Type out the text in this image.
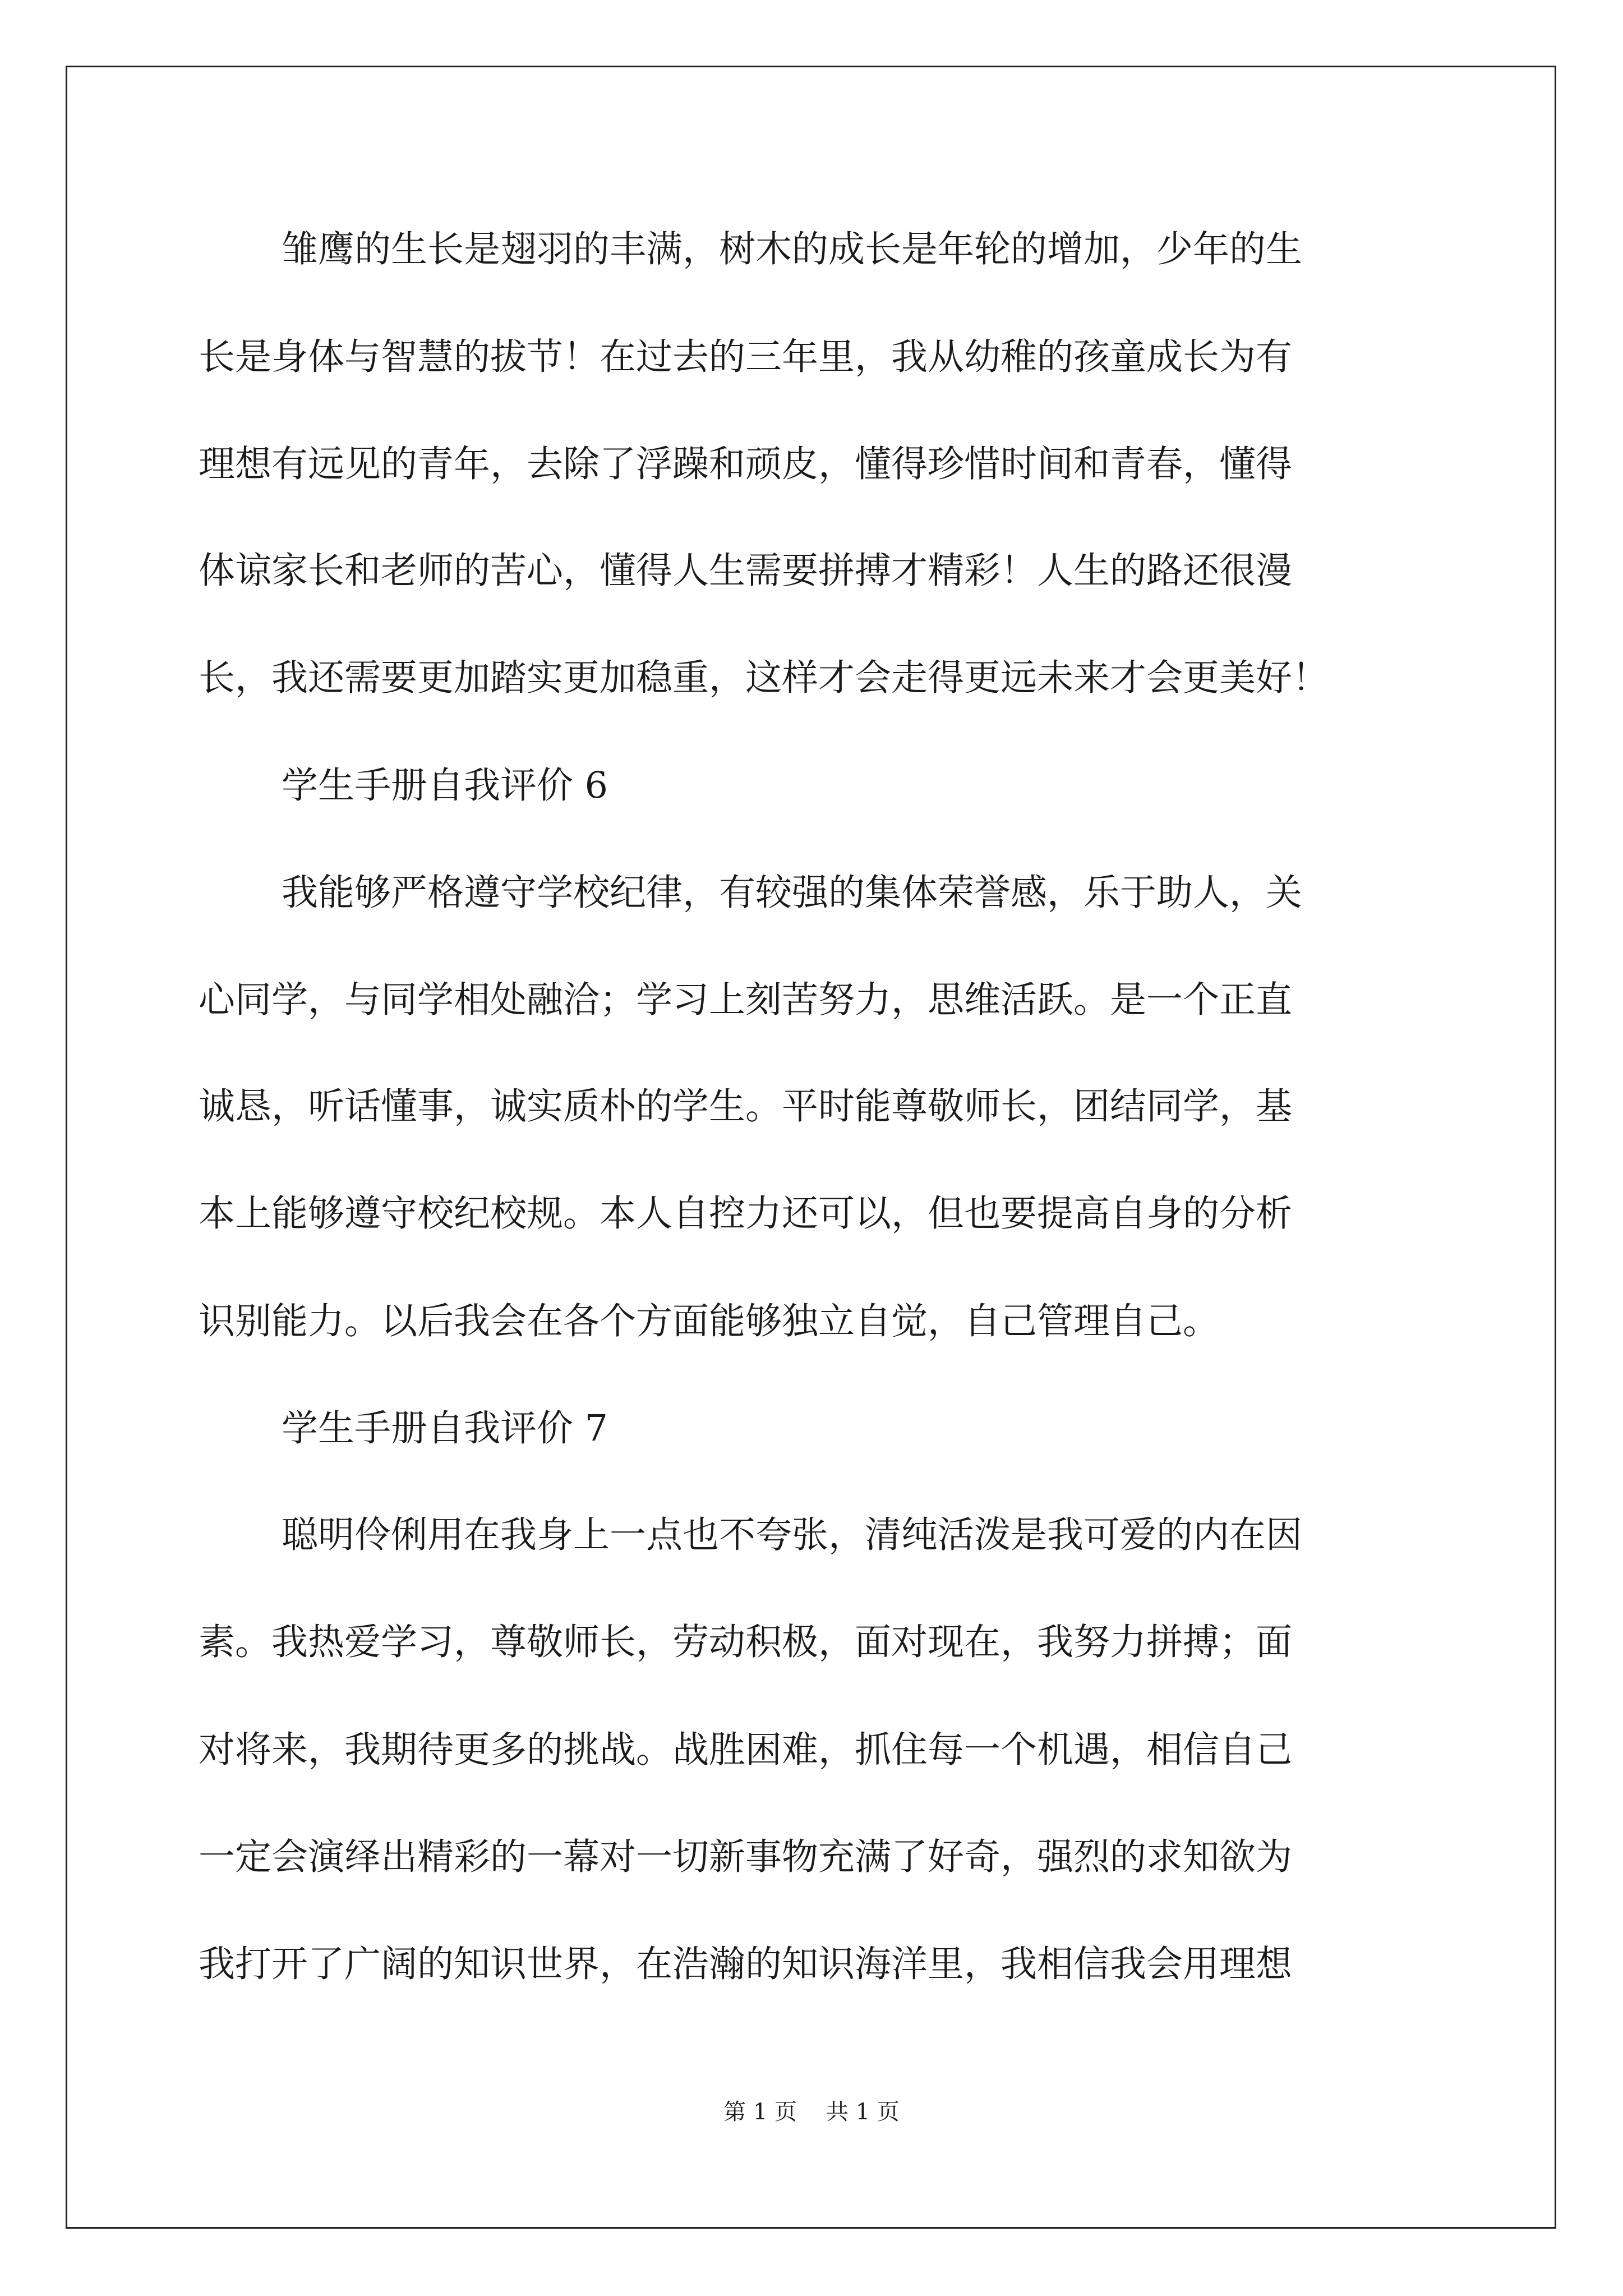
雏鹰的生长是翅羽的丰满，树木的成长是年轮的增加，少年的生
长是身体与智慧的拔节！在过去的三年里，我从幼稚的孩童成长为有
理想有远见的青年，去除了浮躁和顽皮，懂得珍惜时间和青春，懂得
体谅家长和老师的苦心，懂得人生需要拼搏才精彩！人生的路还很漫
长，我还需要更加踏实更加稳重，这样才会走得更远未来才会更美好！
学生手册自我评价 6
我能够严格遵守学校纪律，有较强的集体荣誉感，乐于助人，关
心同学，与同学相处融洽；学习上刻苦努力，思维活跃。是一个正直
诚恳，听话懂事，诚实质朴的学生。平时能尊敬师长，团结同学，基
本上能够遵守校纪校规。本人自控力还可以，但也要提高自身的分析
识别能力。以后我会在各个方面能够独立自觉，自己管理自己。
学生手册自我评价 7
聪明伶俐用在我身上一点也不夸张，清纯活泼是我可爱的内在因
素。我热爱学习，尊敬师长，劳动积极，面对现在，我努力拼搏；面
对将来，我期待更多的挑战。战胜困难，抓住每一个机遇，相信自己
一定会演绎出精彩的一幕对一切新事物充满了好奇，强烈的求知欲为
我打开了广阔的知识世界，在浩瀚的知识海洋里，我相信我会用理想
第 1 页 共 1 页
